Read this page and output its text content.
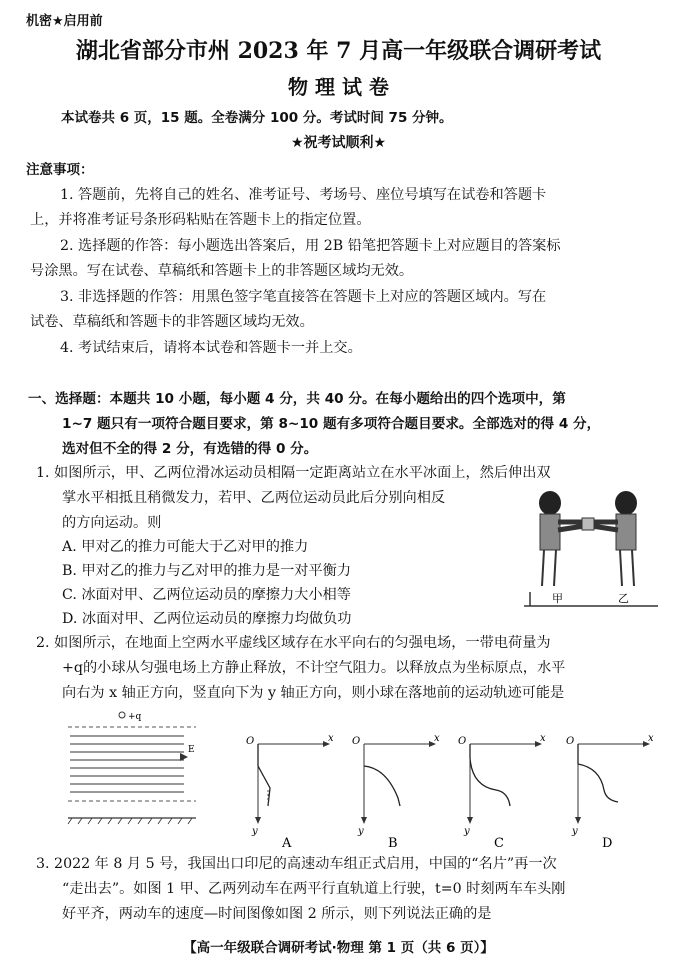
机密★启用前
湖北省部分市州 2023 年 7 月高一年级联合调研考试
物 理 试 卷
本试卷共 6 页，15 题。全卷满分 100 分。考试时间 75 分钟。
★祝考试顺利★
注意事项：
1. 答题前，先将自己的姓名、准考证号、考场号、座位号填写在试卷和答题卡
上，并将准考证号条形码粘贴在答题卡上的指定位置。
2. 选择题的作答：每小题选出答案后，用 2B 铅笔把答题卡上对应题目的答案标
号涂黑。写在试卷、草稿纸和答题卡上的非答题区域均无效。
3. 非选择题的作答：用黑色签字笔直接答在答题卡上对应的答题区域内。写在
试卷、草稿纸和答题卡的非答题区域均无效。
4. 考试结束后，请将本试卷和答题卡一并上交。
一、选择题：本题共 10 小题，每小题 4 分，共 40 分。在每小题给出的四个选项中，第
1~7 题只有一项符合题目要求，第 8~10 题有多项符合题目要求。全部选对的得 4 分，
选对但不全的得 2 分，有选错的得 0 分。
1. 如图所示，甲、乙两位滑冰运动员相隔一定距离站立在水平冰面上，然后伸出双
掌水平相抵且稍微发力，若甲、乙两位运动员此后分别向相反
的方向运动。则
A. 甲对乙的推力可能大于乙对甲的推力
B. 甲对乙的推力与乙对甲的推力是一对平衡力
C. 冰面对甲、乙两位运动员的摩擦力大小相等
D. 冰面对甲、乙两位运动员的摩擦力均做负功
甲	乙
2. 如图所示，在地面上空两水平虚线区域存在水平向右的匀强电场，一带电荷量为
+q的小球从匀强电场上方静止释放，不计空气阻力。以释放点为坐标原点，水平
向右为 x 轴正方向，竖直向下为 y 轴正方向，则小球在落地前的运动轨迹可能是
+q
E
O	x
y
A
O	x
y
B
O	x
y
C
O	x
y
D
3. 2022 年 8 月 5 号，我国出口印尼的高速动车组正式启用，中国的“名片”再一次
“走出去”。如图 1 甲、乙两列动车在两平行直轨道上行驶，t=0 时刻两车车头刚
好平齐，两动车的速度—时间图像如图 2 所示，则下列说法正确的是
【高一年级联合调研考试·物理 第 1 页（共 6 页）】
